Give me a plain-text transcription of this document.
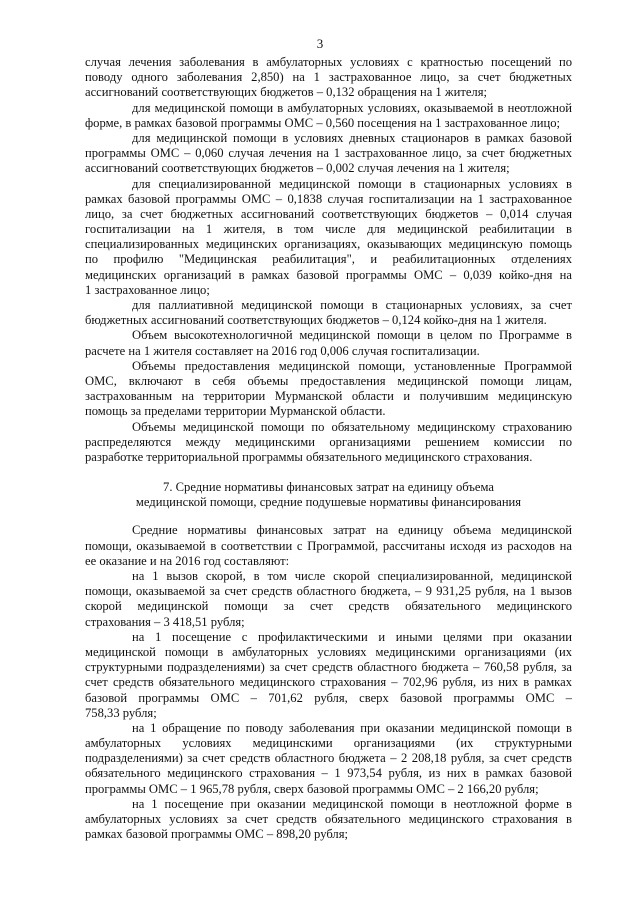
3
случая лечения заболевания в амбулаторных условиях с кратностью посещений по
поводу одного заболевания 2,850) на 1 застрахованное лицо, за счет бюджетных
ассигнований соответствующих бюджетов – 0,132 обращения на 1 жителя;
для медицинской помощи в амбулаторных условиях, оказываемой в неотложной
форме, в рамках базовой программы ОМС – 0,560 посещения на 1 застрахованное лицо;
для медицинской помощи в условиях дневных стационаров в рамках базовой
программы ОМС – 0,060 случая лечения на 1 застрахованное лицо, за счет бюджетных
ассигнований соответствующих бюджетов – 0,002 случая лечения на 1 жителя;
для специализированной медицинской помощи в стационарных условиях в
рамках базовой программы ОМС – 0,1838 случая госпитализации на 1 застрахованное
лицо, за счет бюджетных ассигнований соответствующих бюджетов – 0,014 случая
госпитализации на 1 жителя, в том числе для медицинской реабилитации в
специализированных медицинских организациях, оказывающих медицинскую помощь
по профилю "Медицинская реабилитация", и реабилитационных отделениях
медицинских организаций в рамках базовой программы ОМС – 0,039 койко-дня на
1 застрахованное лицо;
для паллиативной медицинской помощи в стационарных условиях, за счет
бюджетных ассигнований соответствующих бюджетов – 0,124 койко-дня на 1 жителя.
Объем высокотехнологичной медицинской помощи в целом по Программе в
расчете на 1 жителя составляет на 2016 год 0,006 случая госпитализации.
Объемы предоставления медицинской помощи, установленные Программой
ОМС, включают в себя объемы предоставления медицинской помощи лицам,
застрахованным на территории Мурманской области и получившим медицинскую
помощь за пределами территории Мурманской области.
Объемы медицинской помощи по обязательному медицинскому страхованию
распределяются между медицинскими организациями решением комиссии по
разработке территориальной программы обязательного медицинского страхования.
7. Средние нормативы финансовых затрат на единицу объема
медицинской помощи, средние подушевые нормативы финансирования
Средние нормативы финансовых затрат на единицу объема медицинской
помощи, оказываемой в соответствии с Программой, рассчитаны исходя из расходов на
ее оказание и на 2016 год составляют:
на 1 вызов скорой, в том числе скорой специализированной, медицинской
помощи, оказываемой за счет средств областного бюджета, – 9 931,25 рубля, на 1 вызов
скорой медицинской помощи за счет средств обязательного медицинского
страхования – 3 418,51 рубля;
на 1 посещение с профилактическими и иными целями при оказании
медицинской помощи в амбулаторных условиях медицинскими организациями (их
структурными подразделениями) за счет средств областного бюджета – 760,58 рубля, за
счет средств обязательного медицинского страхования – 702,96 рубля, из них в рамках
базовой программы ОМС – 701,62 рубля, сверх базовой программы ОМС –
758,33 рубля;
на 1 обращение по поводу заболевания при оказании медицинской помощи в
амбулаторных условиях медицинскими организациями (их структурными
подразделениями) за счет средств областного бюджета – 2 208,18 рубля, за счет средств
обязательного медицинского страхования – 1 973,54 рубля, из них в рамках базовой
программы ОМС – 1 965,78 рубля, сверх базовой программы ОМС – 2 166,20 рубля;
на 1 посещение при оказании медицинской помощи в неотложной форме в
амбулаторных условиях за счет средств обязательного медицинского страхования в
рамках базовой программы ОМС – 898,20 рубля;
